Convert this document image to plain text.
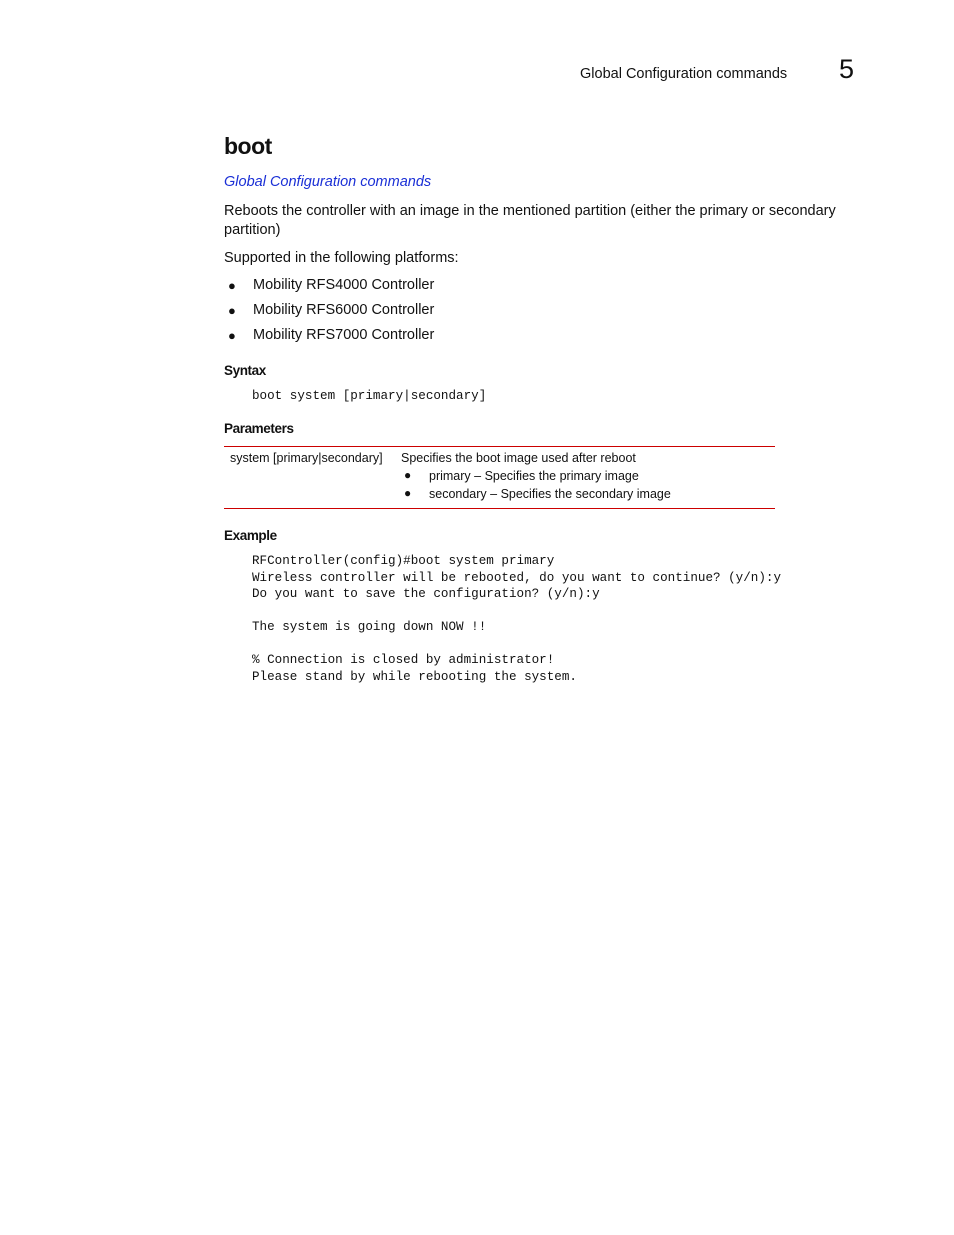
Global Configuration commands 5
boot
Global Configuration commands

Reboots the controller with an image in the mentioned partition (either the primary or secondary partition)

Supported in the following platforms:

● Mobility RFS4000 Controller
● Mobility RFS6000 Controller
● Mobility RFS7000 Controller
Syntax
boot system [primary|secondary]
Parameters
system [primary|secondary] Specifies the boot image used after reboot
● primary – Specifies the primary image
● secondary – Specifies the secondary image
Example
RFController(config)#boot system primary
Wireless controller will be rebooted, do you want to continue? (y/n):y
Do you want to save the configuration? (y/n):y

The system is going down NOW !!

% Connection is closed by administrator!
Please stand by while rebooting the system.
